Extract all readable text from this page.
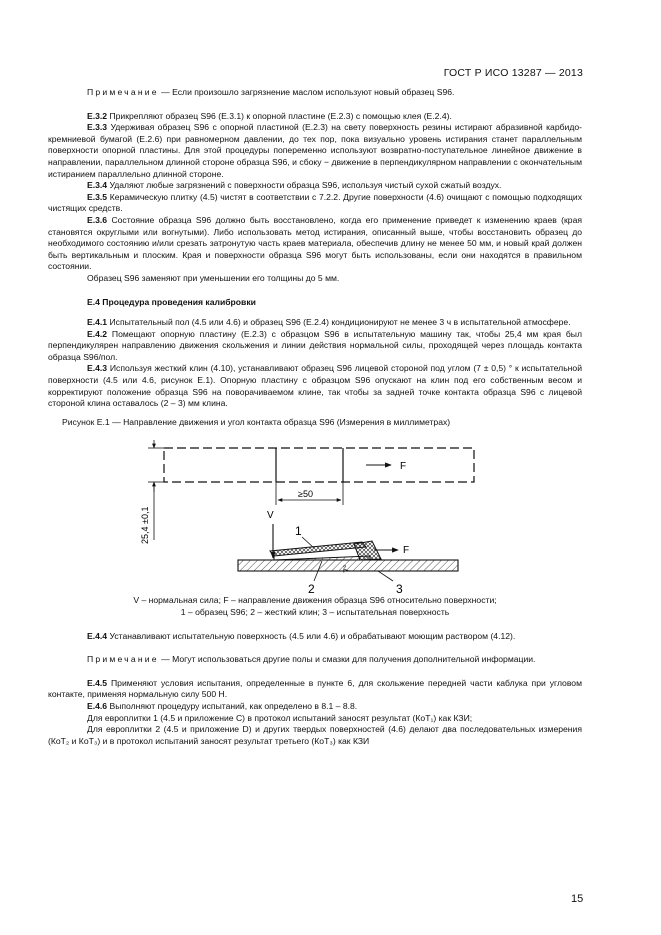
ГОСТ Р ИСО 13287 — 2013

Примечание — Если произошло загрязнение маслом используют новый образец S96.

Е.3.2 Прикрепляют образец S96 (Е.3.1) к опорной пластине (Е.2.3) с помощью клея (Е.2.4).

Е.3.3 Удерживая образец S96 с опорной пластиной (Е.2.3) на свету поверхность резины истирают абразивной карбидо-кремниевой бумагой (Е.2.6) при равномерном давлении, до тех пор, пока визуально уровень истирания станет параллельным поверхности опорной пластины. Для этой процедуры попеременно используют возвратно-поступательное линейное движение в направлении, параллельном длинной стороне образца S96, и сбоку − движение в перпендикулярном направлении с окончательным истиранием параллельно длинной стороне.

Е.3.4 Удаляют любые загрязнений с поверхности образца S96, используя чистый сухой сжатый воздух.

Е.3.5 Керамическую плитку (4.5) чистят в соответствии с 7.2.2. Другие поверхности (4.6) очищают с помощью подходящих чистящих средств.

Е.3.6 Состояние образца S96 должно быть восстановлено, когда его применение приведет к изменению краев (края становятся округлыми или вогнутыми). Либо использовать метод истирания, описанный выше, чтобы восстановить образец до необходимого состоянию и/или срезать затронутую часть краев материала, обеспечив длину не менее 50 мм, и новый край должен быть вертикальным и плоским. Края и поверхности образца S96 могут быть использованы, если они находятся в правильном состоянии.

Образец S96 заменяют при уменьшении его толщины до 5 мм.

Е.4 Процедура проведения калибровки

Е.4.1 Испытательный пол (4.5 или 4.6) и образец S96 (Е.2.4) кондиционируют не менее 3 ч в испытательной атмосфере.

Е.4.2 Помещают опорную пластину (Е.2.3) с образцом S96 в испытательную машину так, чтобы 25,4 мм края был перпендикулярен направлению движения скольжения и линии действия нормальной силы, проходящей через площадь контакта образца S96/пол.

Е.4.3 Используя жесткий клин (4.10), устанавливают образец S96 лицевой стороной под углом (7 ± 0,5) ° к испытательной поверхности (4.5 или 4.6, рисунок Е.1). Опорную пластину с образцом S96 опускают на клин под его собственным весом и корректируют положение образца S96 на поворачиваемом клине, так чтобы за задней точке контакта образца S96 с лицевой стороной клина оставалось (2 – 3) мм клина.

Рисунок Е.1 — Направление движения и угол контакта образца S96 (Измерения в миллиметрах)
F
≥50
25,4 ±0,1	V
F
1
2
7°
3

V – нормальная сила; F – направление движения образца S96 относительно поверхности;

1 – образец S96; 2 – жесткий клин; 3 – испытательная поверхность

Е.4.4 Устанавливают испытательную поверхность (4.5 или 4.6) и обрабатывают моющим раствором (4.12).

Примечание — Могут использоваться другие полы и смазки для получения дополнительной информации.

Е.4.5 Применяют условия испытания, определенные в пункте 6, для скольжение передней части каблука при угловом контакте, применяя нормальную силу 500 Н.

Е.4.6 Выполняют процедуру испытаний, как определено в 8.1 – 8.8.

Для европлитки 1 (4.5 и приложение С) в протокол испытаний заносят результат (КоТ₁) как КЗИ;

Для европлитки 2 (4.5 и приложение D) и других твердых поверхностей (4.6) делают два последовательных измерения (КоТ₂ и КоТ₃) и в протокол испытаний заносят результат третьего (КоТ₃) как КЗИ

15
